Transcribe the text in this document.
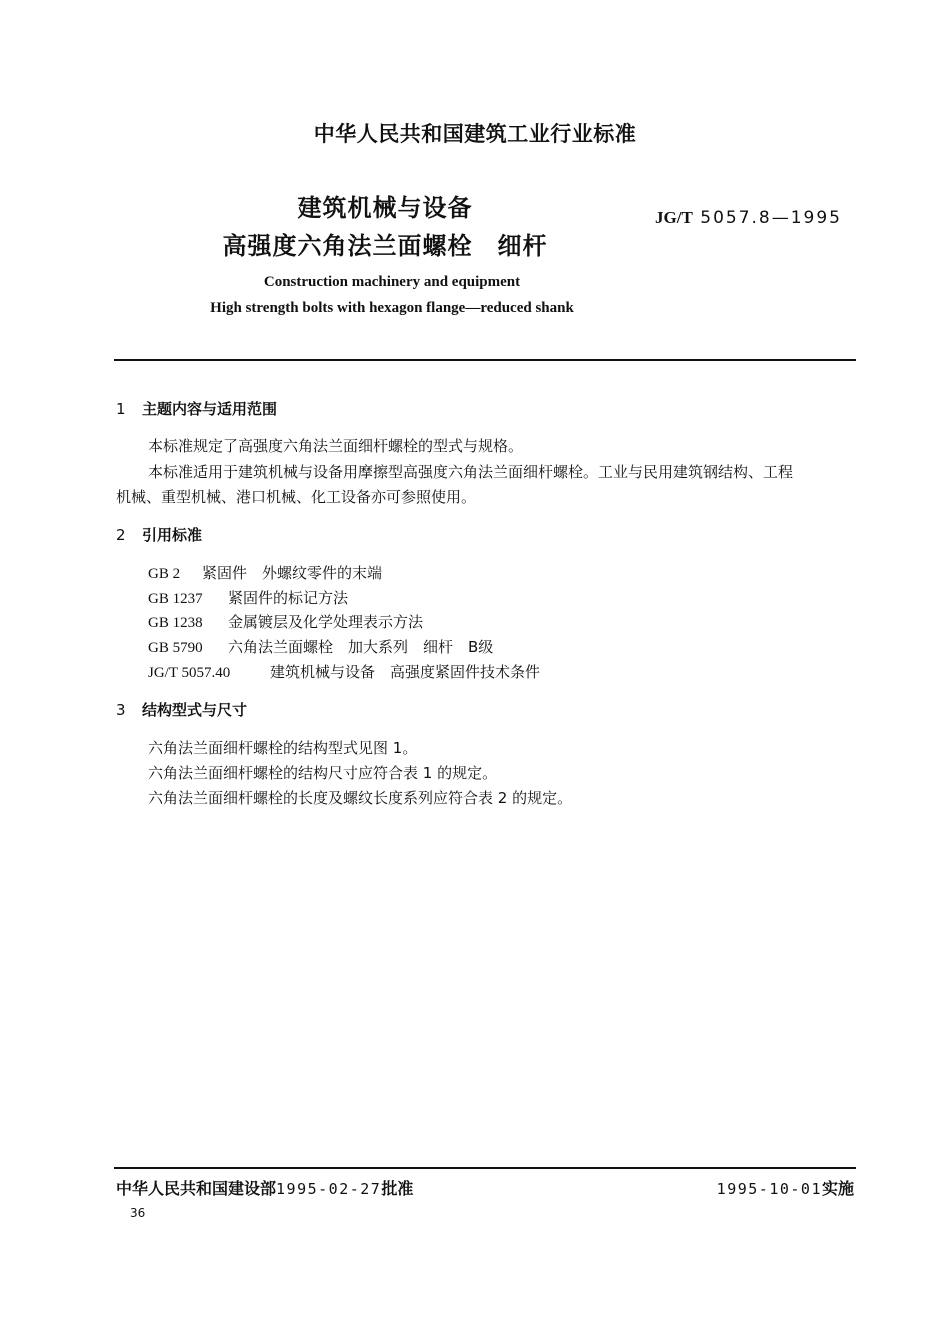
中华人民共和国建筑工业行业标准
建筑机械与设备
高强度六角法兰面螺栓　细杆
JG/T 5057.8—1995
Construction machinery and equipment
High strength bolts with hexagon flange—reduced shank
1 主题内容与适用范围
本标准规定了高强度六角法兰面细杆螺栓的型式与规格。
本标准适用于建筑机械与设备用摩擦型高强度六角法兰面细杆螺栓。工业与民用建筑钢结构、工程
机械、重型机械、港口机械、化工设备亦可参照使用。
2 引用标准
GB 2 紧固件　外螺纹零件的末端
GB 1237 紧固件的标记方法
GB 1238 金属镀层及化学处理表示方法
GB 5790 六角法兰面螺栓　加大系列　细杆　B级
JG/T 5057.40	建筑机械与设备　高强度紧固件技术条件
3 结构型式与尺寸
六角法兰面细杆螺栓的结构型式见图 1。
六角法兰面细杆螺栓的结构尺寸应符合表 1 的规定。
六角法兰面细杆螺栓的长度及螺纹长度系列应符合表 2 的规定。
中华人民共和国建设部1995-02-27批准	1995-10-01实施
36
